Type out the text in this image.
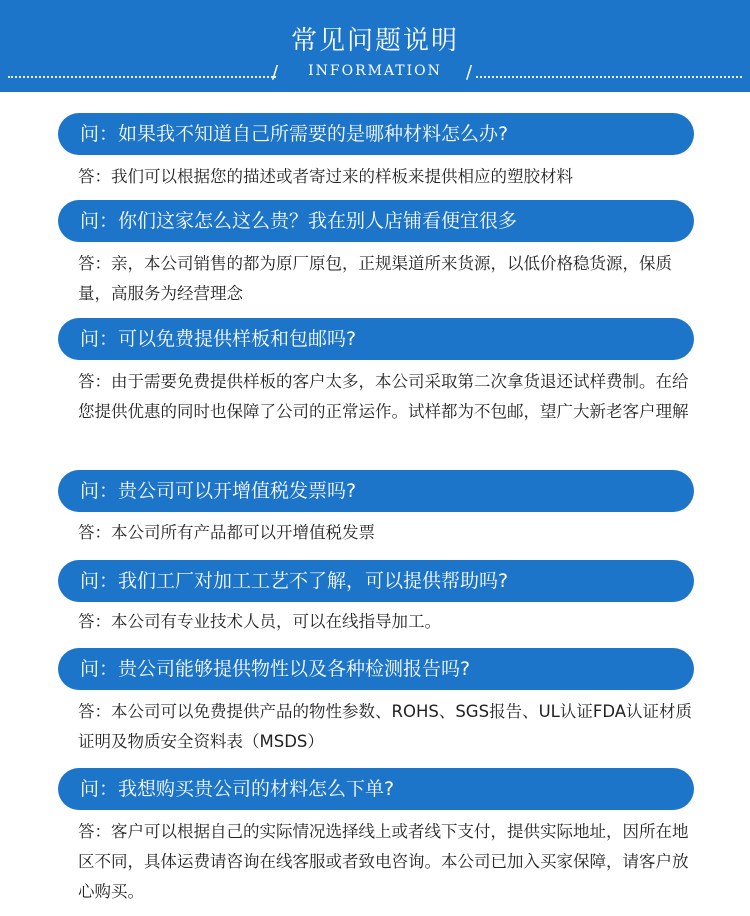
常见问题说明
/	INFORMATION	/
问：如果我不知道自己所需要的是哪种材料怎么办?
答：我们可以根据您的描述或者寄过来的样板来提供相应的塑胶材料
问：你们这家怎么这么贵？我在别人店铺看便宜很多
答：亲，本公司销售的都为原厂原包，正规渠道所来货源，以低价格稳货源，保质量，高服务为经营理念
问：可以免费提供样板和包邮吗?
答：由于需要免费提供样板的客户太多，本公司采取第二次拿货退还试样费制。在给您提供优惠的同时也保障了公司的正常运作。试样都为不包邮，望广大新老客户理解
问：贵公司可以开增值税发票吗?
答：本公司所有产品都可以开增值税发票
问：我们工厂对加工工艺不了解，可以提供帮助吗?
答：本公司有专业技术人员，可以在线指导加工。
问：贵公司能够提供物性以及各种检测报告吗?
答：本公司可以免费提供产品的物性参数、ROHS、SGS报告、UL认证FDA认证材质证明及物质安全资料表（MSDS）
问：我想购买贵公司的材料怎么下单?
答：客户可以根据自己的实际情况选择线上或者线下支付，提供实际地址，因所在地区不同，具体运费请咨询在线客服或者致电咨询。本公司已加入买家保障，请客户放心购买。
